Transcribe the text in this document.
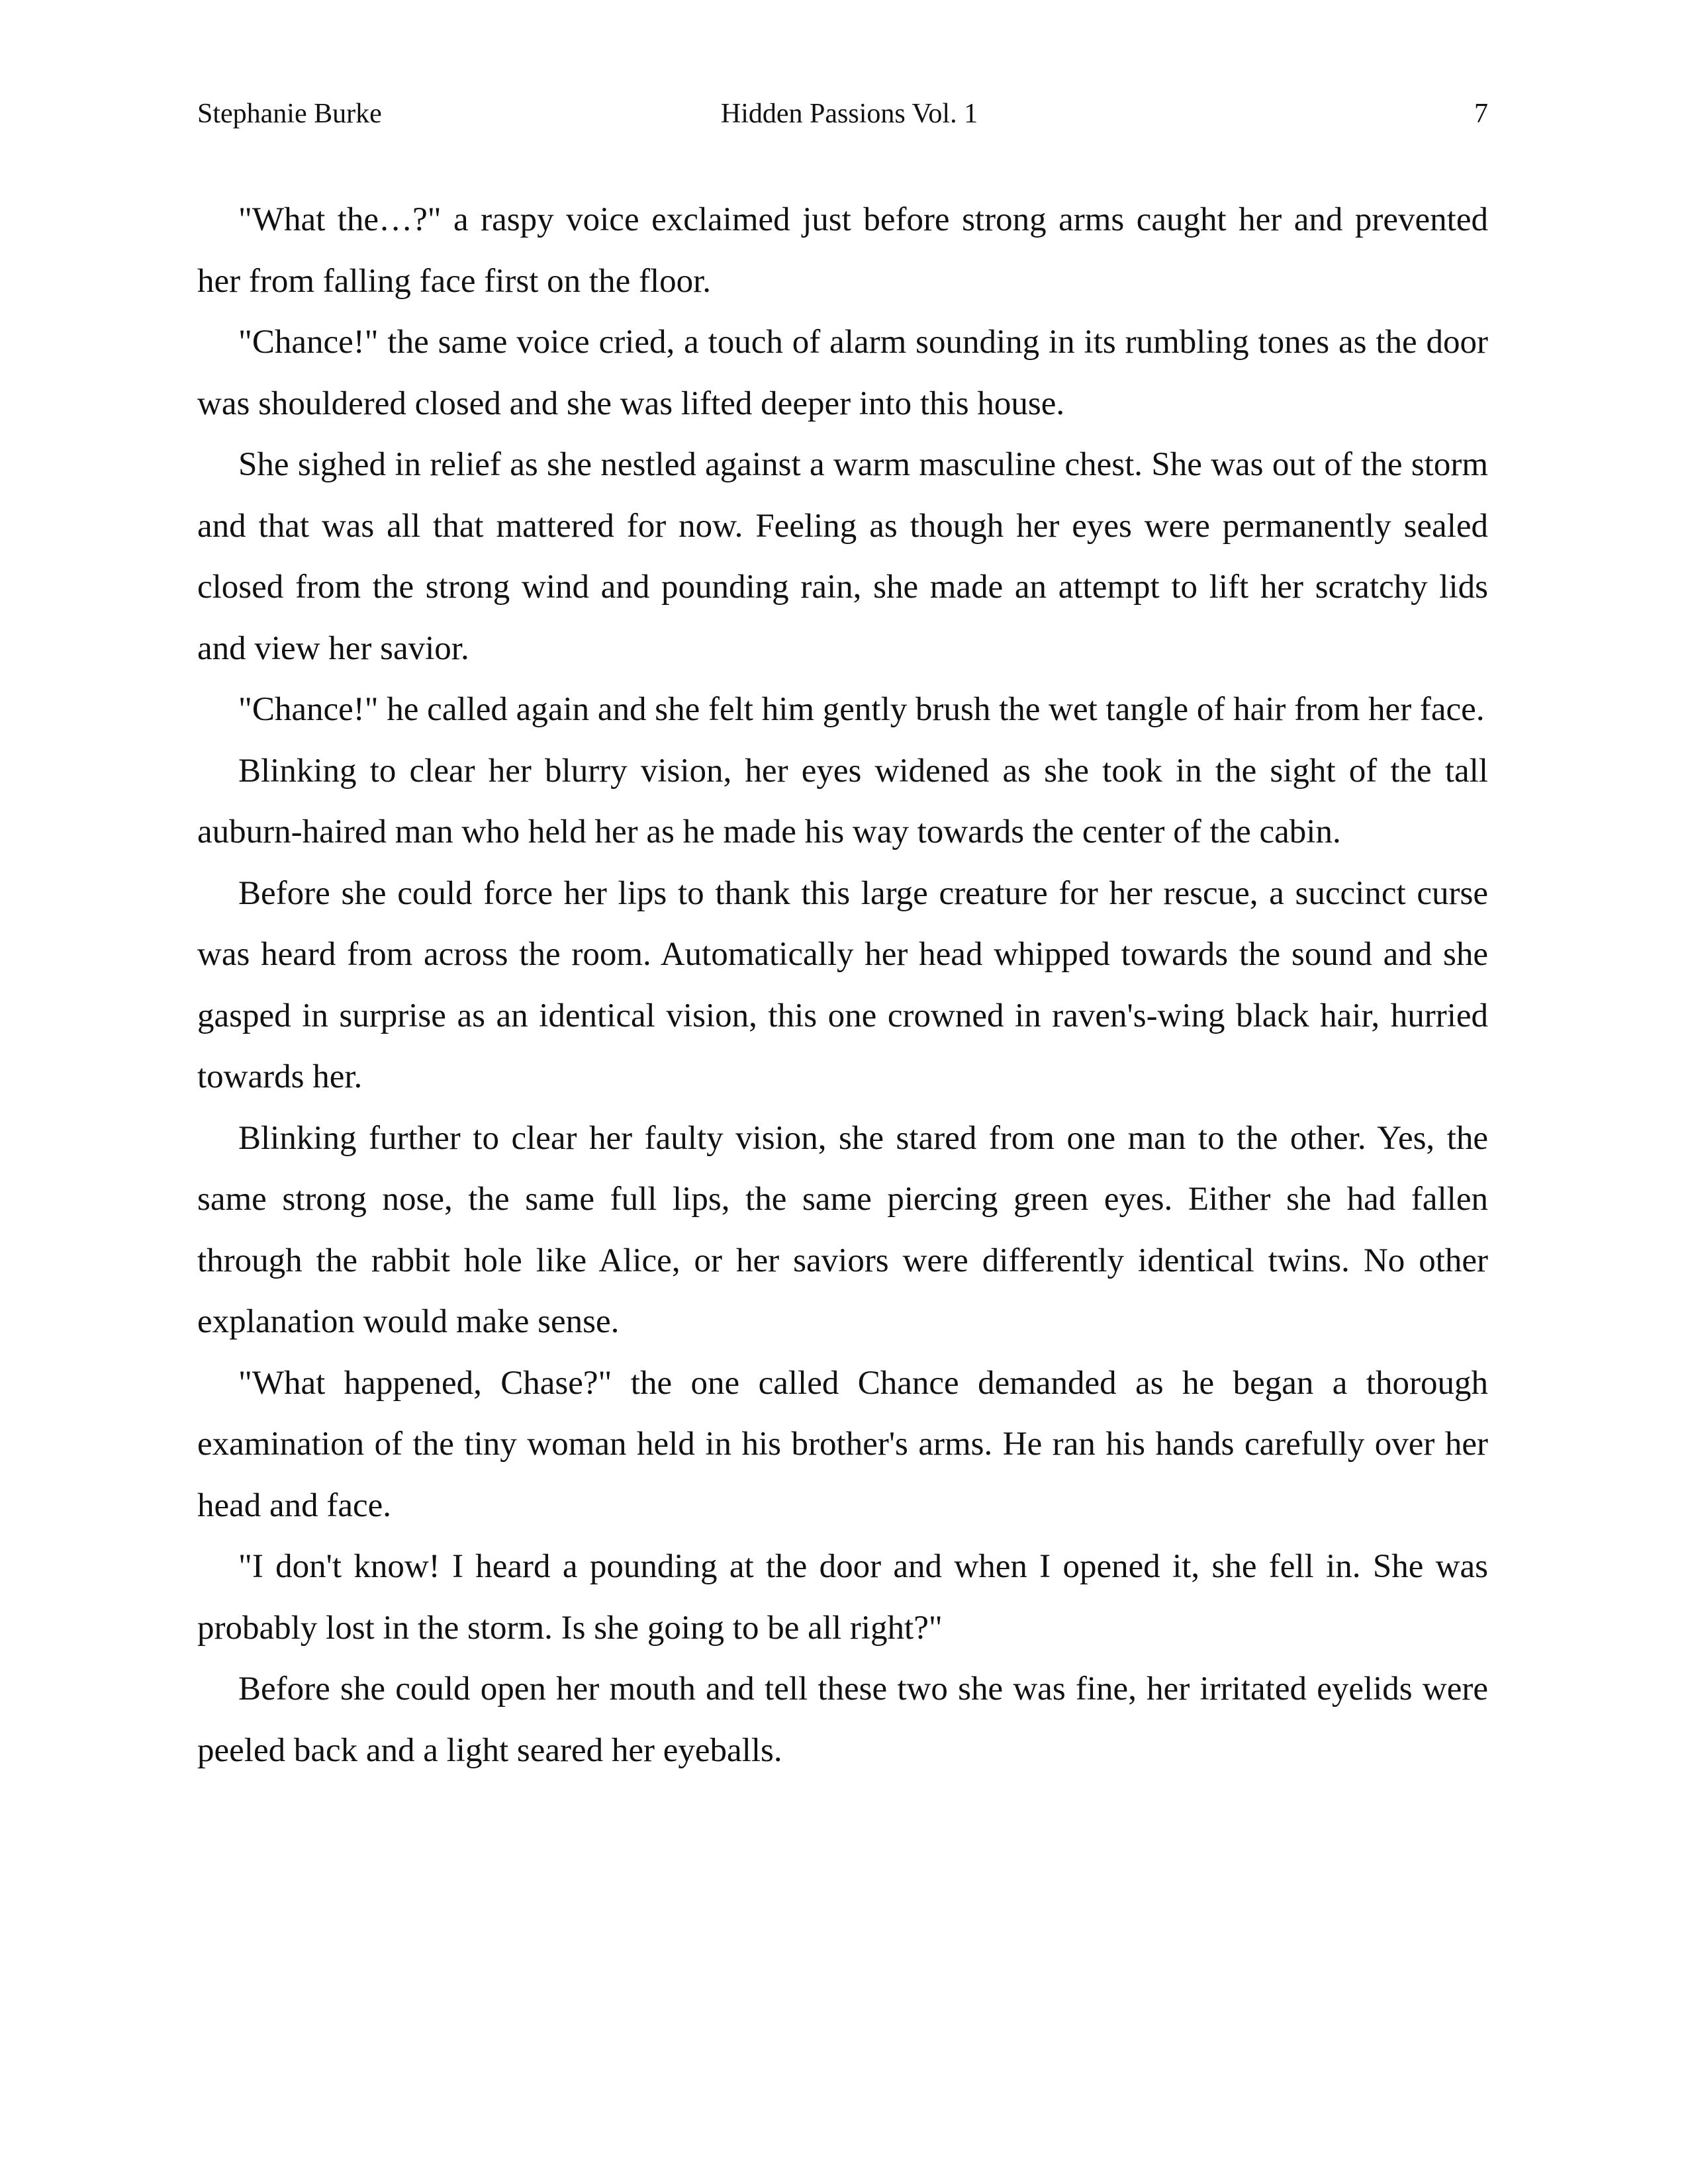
Stephanie Burke	Hidden Passions Vol. 1	7

"What the…?" a raspy voice exclaimed just before strong arms caught her and prevented her from falling face first on the floor.

"Chance!" the same voice cried, a touch of alarm sounding in its rumbling tones as the door was shouldered closed and she was lifted deeper into this house.

She sighed in relief as she nestled against a warm masculine chest. She was out of the storm and that was all that mattered for now. Feeling as though her eyes were permanently sealed closed from the strong wind and pounding rain, she made an attempt to lift her scratchy lids and view her savior.

"Chance!" he called again and she felt him gently brush the wet tangle of hair from her face.

Blinking to clear her blurry vision, her eyes widened as she took in the sight of the tall auburn-haired man who held her as he made his way towards the center of the cabin.

Before she could force her lips to thank this large creature for her rescue, a succinct curse was heard from across the room. Automatically her head whipped towards the sound and she gasped in surprise as an identical vision, this one crowned in raven's-wing black hair, hurried towards her.

Blinking further to clear her faulty vision, she stared from one man to the other. Yes, the same strong nose, the same full lips, the same piercing green eyes. Either she had fallen through the rabbit hole like Alice, or her saviors were differently identical twins. No other explanation would make sense.

"What happened, Chase?" the one called Chance demanded as he began a thorough examination of the tiny woman held in his brother's arms. He ran his hands carefully over her head and face.

"I don't know! I heard a pounding at the door and when I opened it, she fell in. She was probably lost in the storm. Is she going to be all right?"

Before she could open her mouth and tell these two she was fine, her irritated eyelids were peeled back and a light seared her eyeballs.
